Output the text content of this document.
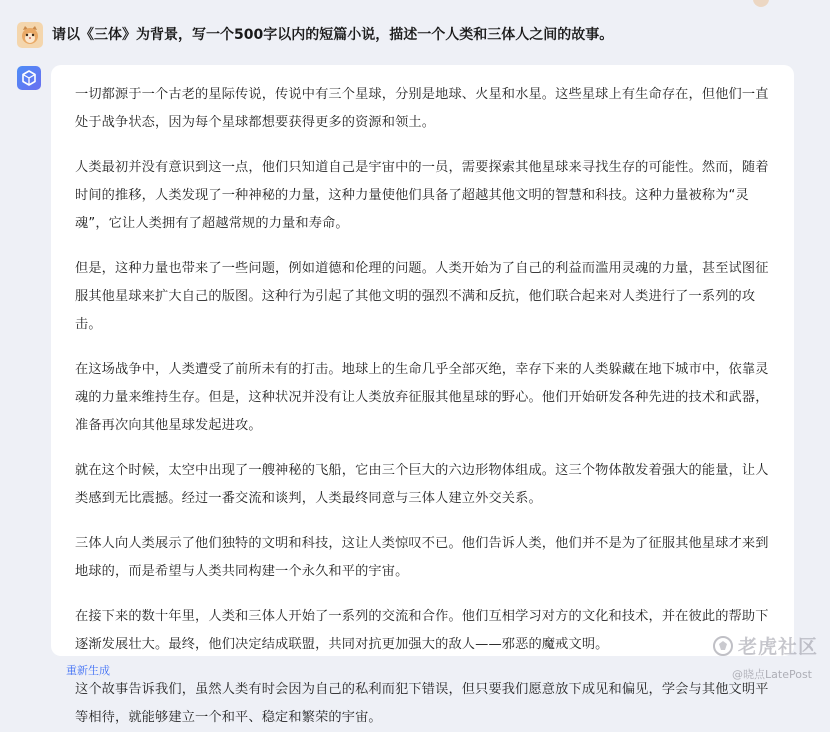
请以《三体》为背景，写一个500字以内的短篇小说，描述一个人类和三体人之间的故事。

一切都源于一个古老的星际传说，传说中有三个星球，分别是地球、火星和水星。这些星球上有生命存在，但他们一直处于战争状态，因为每个星球都想要获得更多的资源和领土。

人类最初并没有意识到这一点，他们只知道自己是宇宙中的一员，需要探索其他星球来寻找生存的可能性。然而，随着时间的推移，人类发现了一种神秘的力量，这种力量使他们具备了超越其他文明的智慧和科技。这种力量被称为“灵魂”，它让人类拥有了超越常规的力量和寿命。

但是，这种力量也带来了一些问题，例如道德和伦理的问题。人类开始为了自己的利益而滥用灵魂的力量，甚至试图征服其他星球来扩大自己的版图。这种行为引起了其他文明的强烈不满和反抗，他们联合起来对人类进行了一系列的攻击。

在这场战争中，人类遭受了前所未有的打击。地球上的生命几乎全部灭绝，幸存下来的人类躲藏在地下城市中，依靠灵魂的力量来维持生存。但是，这种状况并没有让人类放弃征服其他星球的野心。他们开始研发各种先进的技术和武器，准备再次向其他星球发起进攻。

就在这个时候，太空中出现了一艘神秘的飞船，它由三个巨大的六边形物体组成。这三个物体散发着强大的能量，让人类感到无比震撼。经过一番交流和谈判，人类最终同意与三体人建立外交关系。

三体人向人类展示了他们独特的文明和科技，这让人类惊叹不已。他们告诉人类，他们并不是为了征服其他星球才来到地球的，而是希望与人类共同构建一个永久和平的宇宙。

在接下来的数十年里，人类和三体人开始了一系列的交流和合作。他们互相学习对方的文化和技术，并在彼此的帮助下逐渐发展壮大。最终，他们决定结成联盟，共同对抗更加强大的敌人——邪恶的魔戒文明。

这个故事告诉我们，虽然人类有时会因为自己的私利而犯下错误，但只要我们愿意放下成见和偏见，学会与其他文明平等相待，就能够建立一个和平、稳定和繁荣的宇宙。

重新生成
老虎社区
@晓点LatePost
